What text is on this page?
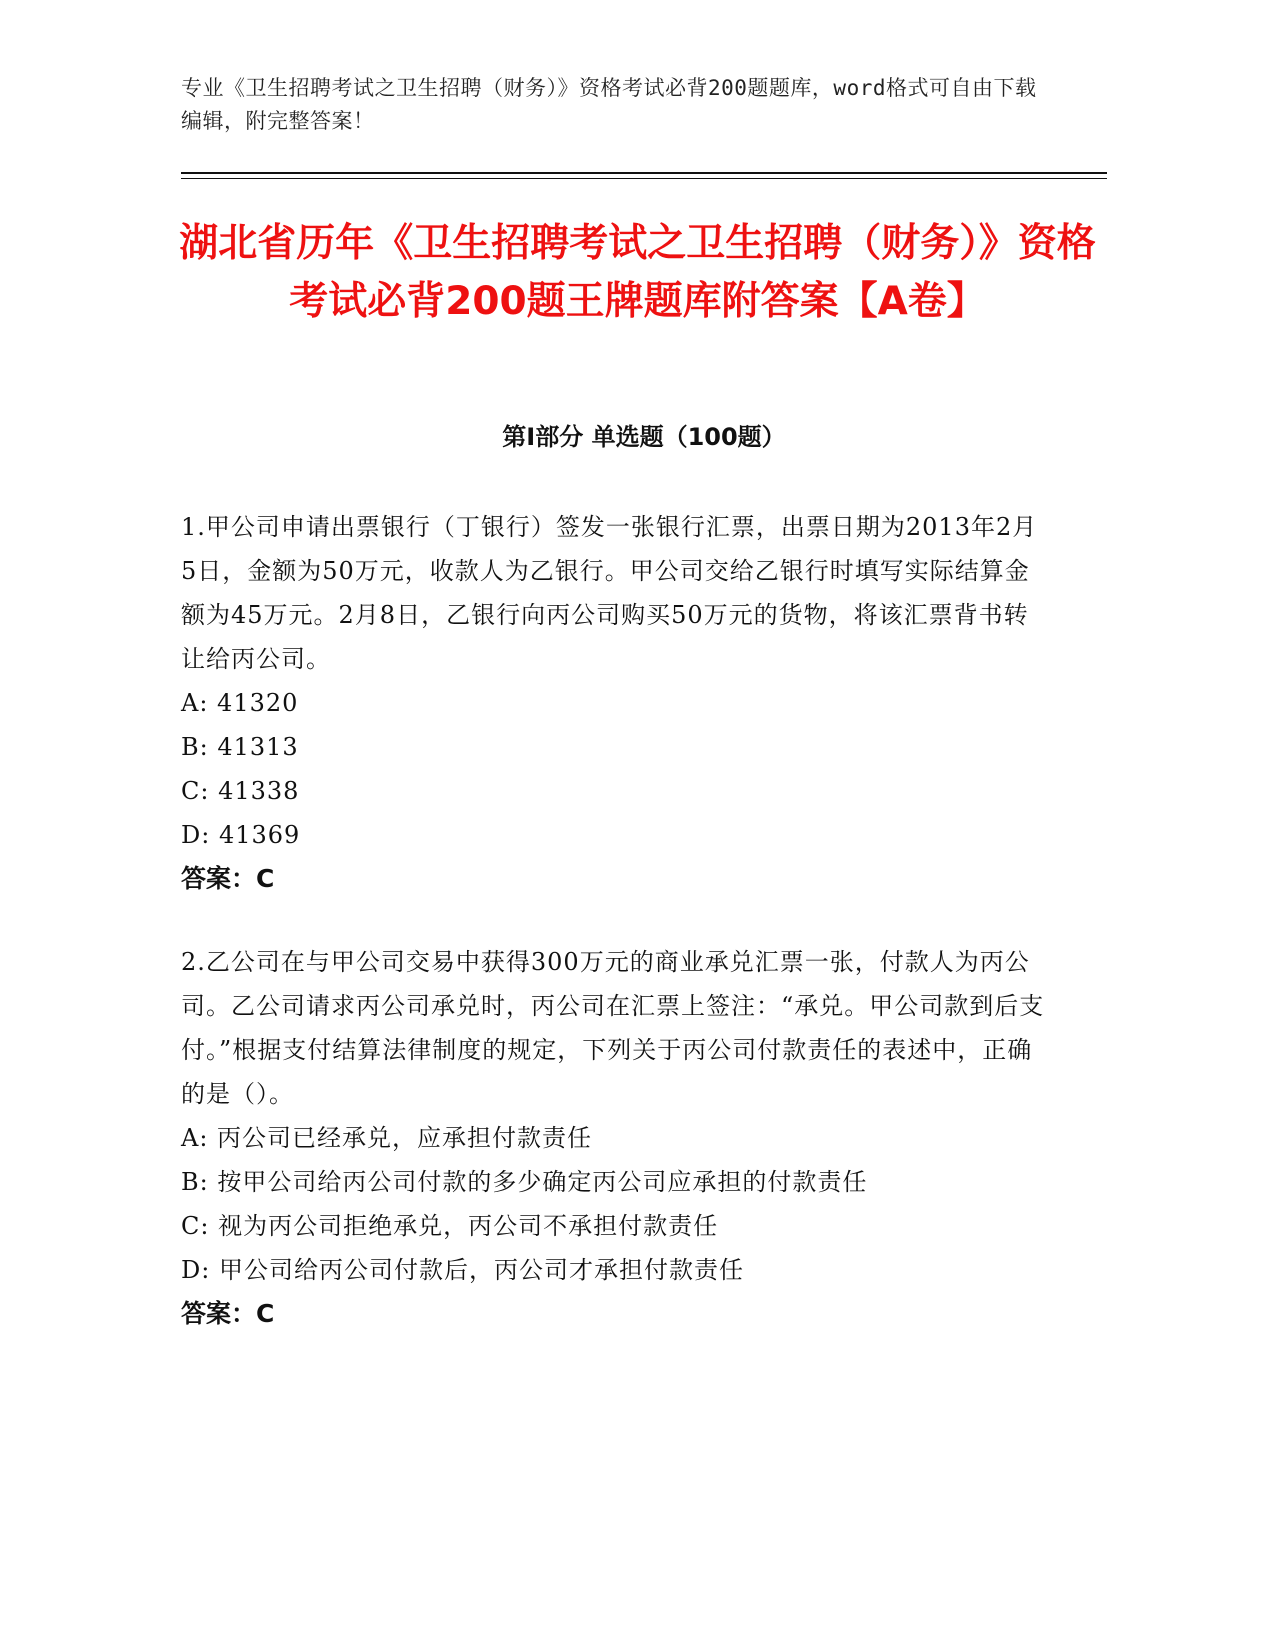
专业《卫生招聘考试之卫生招聘（财务）》资格考试必背200题题库，word格式可自由下载编辑，附完整答案！
湖北省历年《卫生招聘考试之卫生招聘（财务）》资格考试必背200题王牌题库附答案【A卷】
第I部分 单选题（100题）
1.甲公司申请出票银行（丁银行）签发一张银行汇票，出票日期为2013年2月5日，金额为50万元，收款人为乙银行。甲公司交给乙银行时填写实际结算金额为45万元。2月8日，乙银行向丙公司购买50万元的货物，将该汇票背书转让给丙公司。
A: 41320
B: 41313
C: 41338
D: 41369
答案：C
2.乙公司在与甲公司交易中获得300万元的商业承兑汇票一张，付款人为丙公司。乙公司请求丙公司承兑时，丙公司在汇票上签注：“承兑。甲公司款到后支付。”根据支付结算法律制度的规定，下列关于丙公司付款责任的表述中，正确的是（）。
A: 丙公司已经承兑，应承担付款责任
B: 按甲公司给丙公司付款的多少确定丙公司应承担的付款责任
C: 视为丙公司拒绝承兑，丙公司不承担付款责任
D: 甲公司给丙公司付款后，丙公司才承担付款责任
答案：C
